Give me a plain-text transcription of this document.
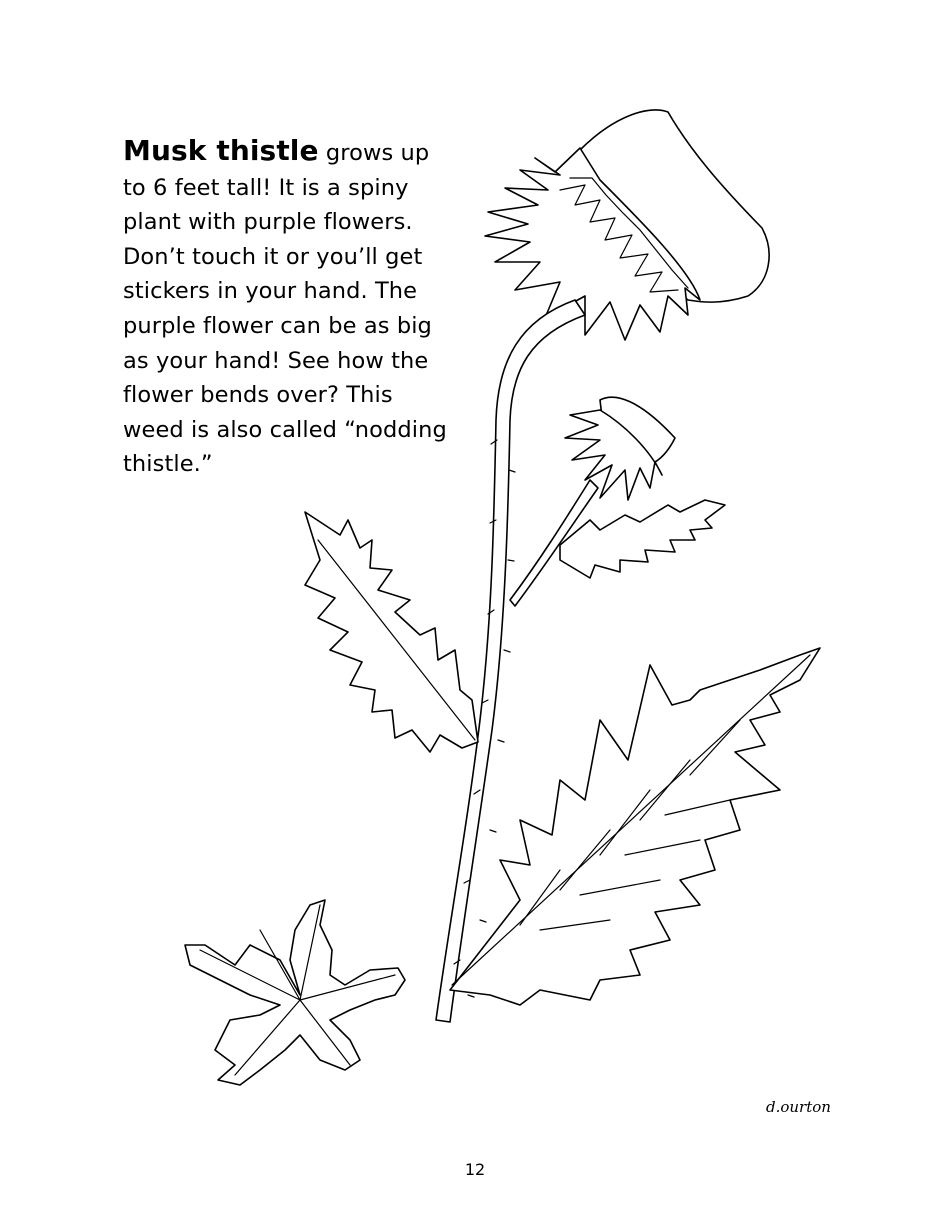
Musk thistle grows up to 6 feet tall! It is a spiny plant with purple flowers. Don’t touch it or you’ll get stickers in your hand. The purple flower can be as big as your hand! See how the flower bends over? This weed is also called “nodding thistle.”
d.ourton
12
